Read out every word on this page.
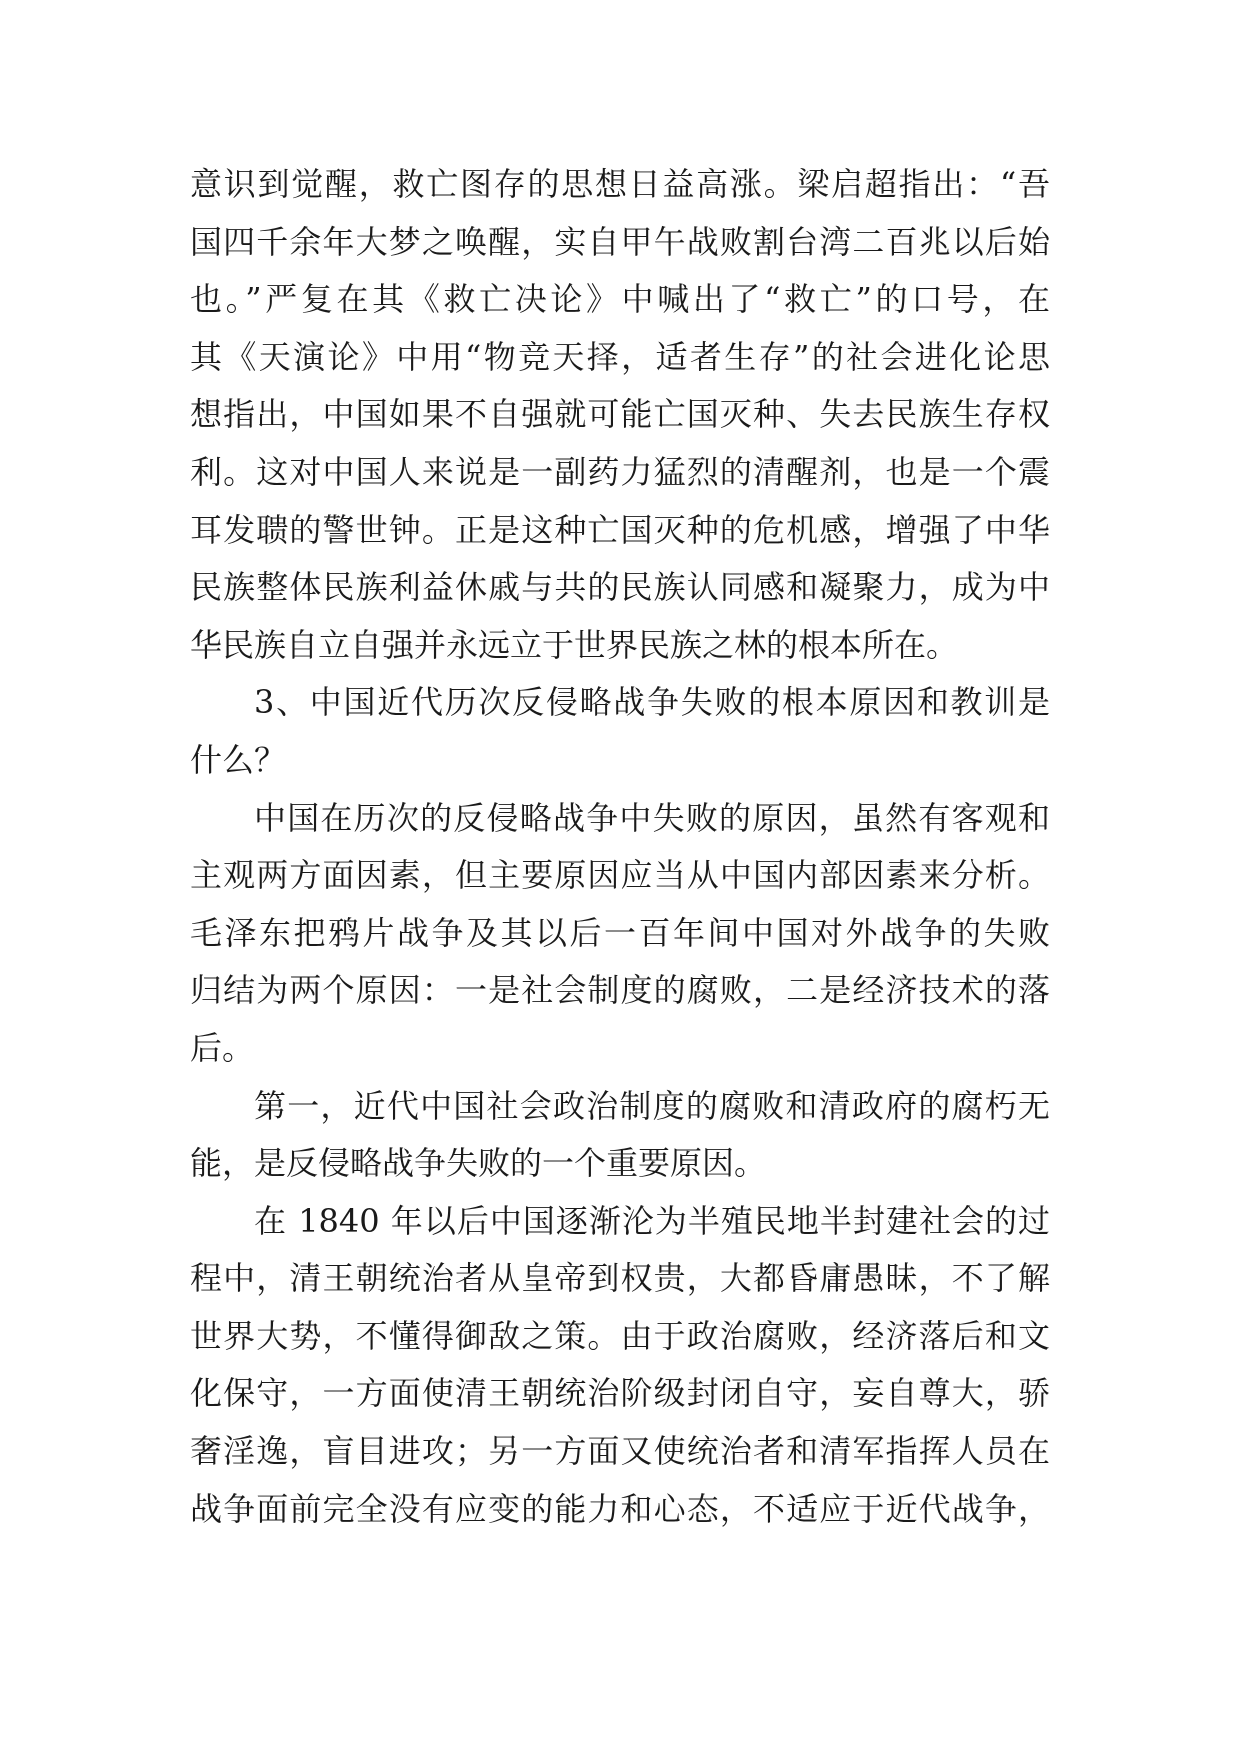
意识到觉醒，救亡图存的思想日益高涨。梁启超指出：“吾
国四千余年大梦之唤醒，实自甲午战败割台湾二百兆以后始
也。”严复在其《救亡决论》中喊出了“救亡”的口号，在
其《天演论》中用“物竞天择，适者生存”的社会进化论思
想指出，中国如果不自强就可能亡国灭种、失去民族生存权
利。这对中国人来说是一副药力猛烈的清醒剂，也是一个震
耳发聩的警世钟。正是这种亡国灭种的危机感，增强了中华
民族整体民族利益休戚与共的民族认同感和凝聚力，成为中
华民族自立自强并永远立于世界民族之林的根本所在。
3、中国近代历次反侵略战争失败的根本原因和教训是
什么？
中国在历次的反侵略战争中失败的原因，虽然有客观和
主观两方面因素，但主要原因应当从中国内部因素来分析。
毛泽东把鸦片战争及其以后一百年间中国对外战争的失败
归结为两个原因：一是社会制度的腐败，二是经济技术的落
后。
第一，近代中国社会政治制度的腐败和清政府的腐朽无
能，是反侵略战争失败的一个重要原因。
在 1840 年以后中国逐渐沦为半殖民地半封建社会的过
程中，清王朝统治者从皇帝到权贵，大都昏庸愚昧，不了解
世界大势，不懂得御敌之策。由于政治腐败，经济落后和文
化保守，一方面使清王朝统治阶级封闭自守，妄自尊大，骄
奢淫逸，盲目进攻；另一方面又使统治者和清军指挥人员在
战争面前完全没有应变的能力和心态，不适应于近代战争，
